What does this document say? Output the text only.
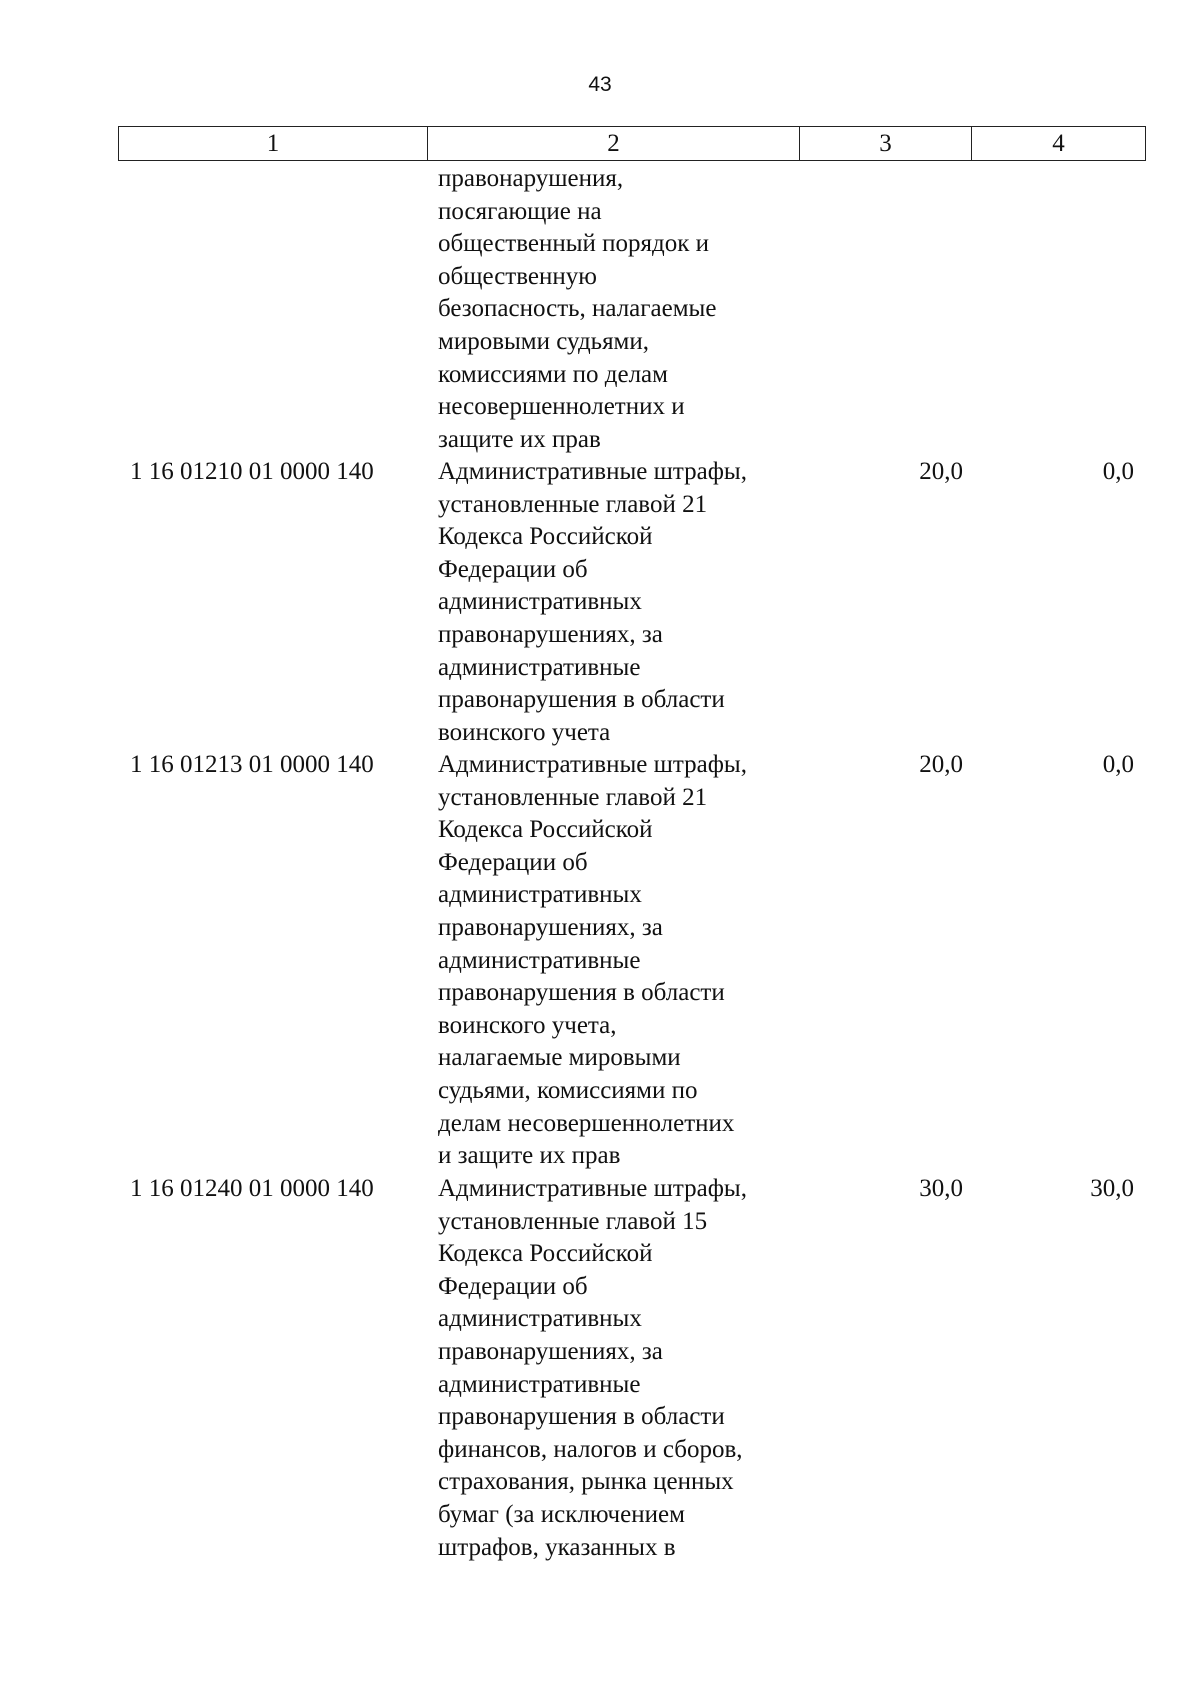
43
1	2	3	4
правонарушения,
посягающие на
общественный порядок и
общественную
безопасность, налагаемые
мировыми судьями,
комиссиями по делам
несовершеннолетних и
защите их прав
1 16 01210 01 0000 140	Административные штрафы,
установленные главой 21
Кодекса Российской
Федерации об
административных
правонарушениях, за
административные
правонарушения в области
воинского учета
20,0	0,0
1 16 01213 01 0000 140	Административные штрафы,
установленные главой 21
Кодекса Российской
Федерации об
административных
правонарушениях, за
административные
правонарушения в области
воинского учета,
налагаемые мировыми
судьями, комиссиями по
делам несовершеннолетних
и защите их прав
20,0	0,0
1 16 01240 01 0000 140	Административные штрафы,
установленные главой 15
Кодекса Российской
Федерации об
административных
правонарушениях, за
административные
правонарушения в области
финансов, налогов и сборов,
страхования, рынка ценных
бумаг (за исключением
штрафов, указанных в
30,0	30,0
